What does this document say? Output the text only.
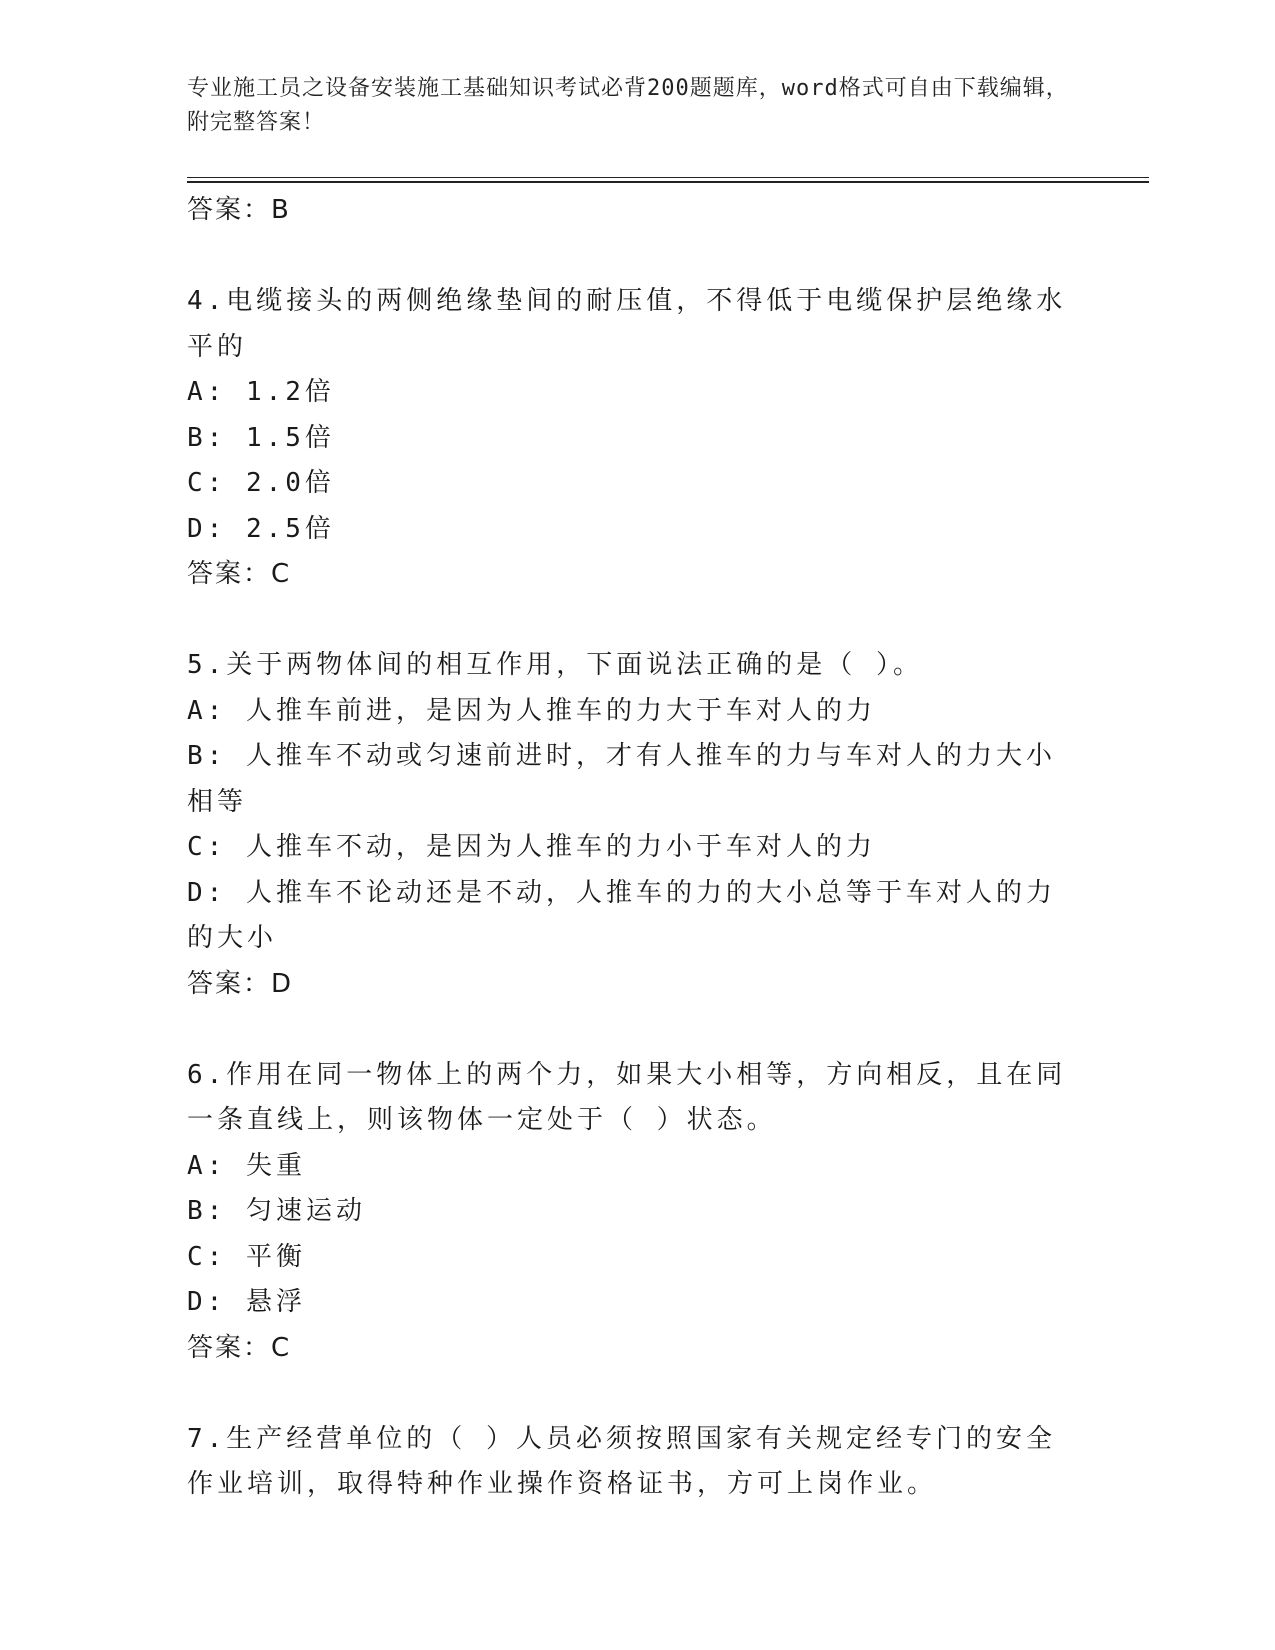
专业施工员之设备安装施工基础知识考试必背200题题库，word格式可自由下载编辑，附完整答案！
答案：B
4.电缆接头的两侧绝缘垫间的耐压值，不得低于电缆保护层绝缘水平的
A: 1.2倍
B: 1.5倍
C: 2.0倍
D: 2.5倍
答案：C
5.关于两物体间的相互作用，下面说法正确的是（ ）。
A: 人推车前进，是因为人推车的力大于车对人的力
B: 人推车不动或匀速前进时，才有人推车的力与车对人的力大小相等
C: 人推车不动，是因为人推车的力小于车对人的力
D: 人推车不论动还是不动，人推车的力的大小总等于车对人的力的大小
答案：D
6.作用在同一物体上的两个力，如果大小相等，方向相反，且在同一条直线上，则该物体一定处于（ ）状态。
A: 失重
B: 匀速运动
C: 平衡
D: 悬浮
答案：C
7.生产经营单位的（ ）人员必须按照国家有关规定经专门的安全作业培训，取得特种作业操作资格证书，方可上岗作业。
